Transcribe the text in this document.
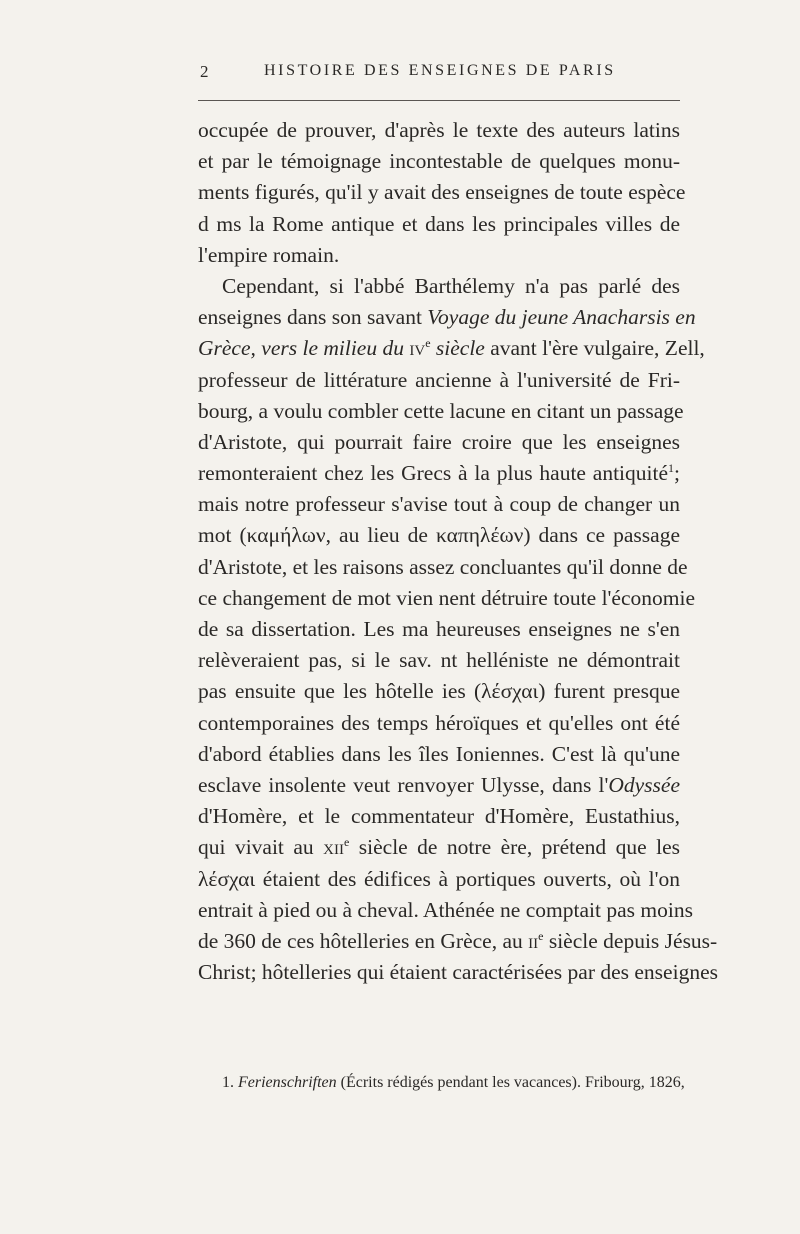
2	HISTOIRE DES ENSEIGNES DE PARIS
occupée de prouver, d'après le texte des auteurs latins
et par le témoignage incontestable de quelques monu-
ments figurés, qu'il y avait des enseignes de toute espèce
d ms la Rome antique et dans les principales villes de
l'empire romain.
Cependant, si l'abbé Barthélemy n'a pas parlé des
enseignes dans son savant Voyage du jeune Anacharsis en
Grèce, vers le milieu du $iv^e$ siècle avant l'ère vulgaire, Zell,
professeur de littérature ancienne à l'université de Fri-
bourg, a voulu combler cette lacune en citant un passage
d'Aristote, qui pourrait faire croire que les enseignes
remonteraient chez les Grecs à la plus haute antiquité$^1$;
mais notre professeur s'avise tout à coup de changer un
mot (καμήλων, au lieu de καπηλέων) dans ce passage
d'Aristote, et les raisons assez concluantes qu'il donne de
ce changement de mot vien nent détruire toute l'économie
de sa dissertation. Les ma heureuses enseignes ne s'en
relèveraient pas, si le sav. nt helléniste ne démontrait
pas ensuite que les hôtelle ies (λέσχαι) furent presque
contemporaines des temps héroïques et qu'elles ont été
d'abord établies dans les îles Ioniennes. C'est là qu'une
esclave insolente veut renvoyer Ulysse, dans l'Odyssée
d'Homère, et le commentateur d'Homère, Eustathius,
qui vivait au xii$^e$ siècle de notre ère, prétend que les
λέσχαι étaient des édifices à portiques ouverts, où l'on
entrait à pied ou à cheval. Athénée ne comptait pas moins
de 360 de ces hôtelleries en Grèce, au $ii^e$ siècle depuis Jésus-
Christ; hôtelleries qui étaient caractérisées par des enseignes
1. Ferienschriften (Écrits rédigés pendant les vacances). Fribourg, 1826,
